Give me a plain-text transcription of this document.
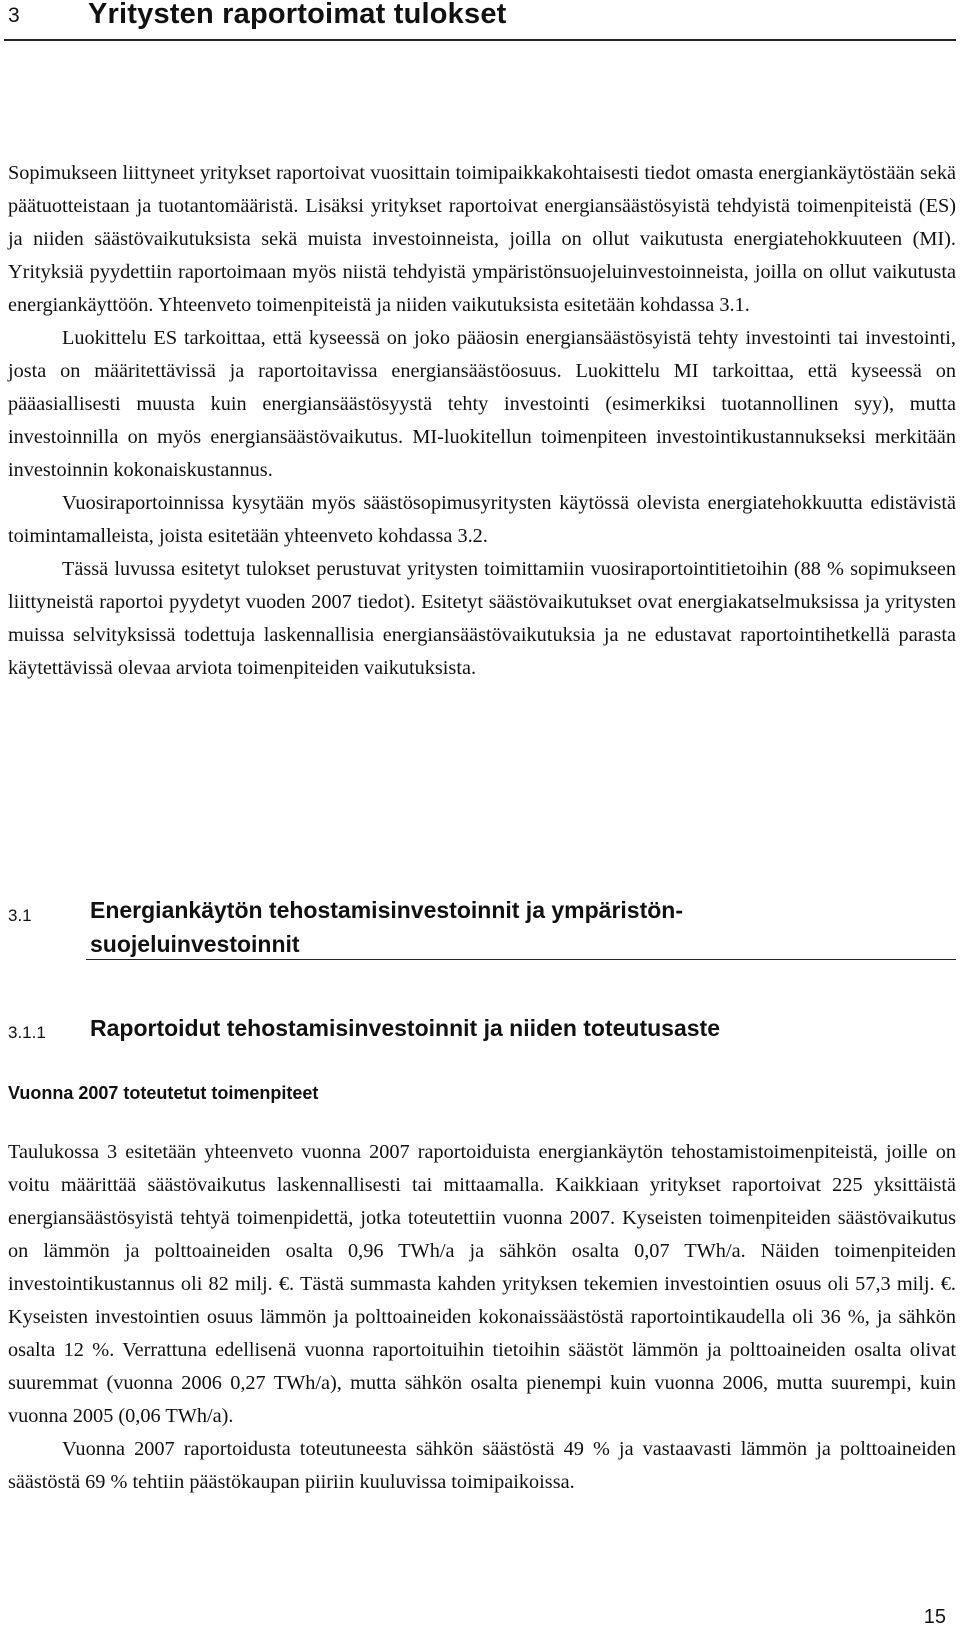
3 Yritysten raportoimat tulokset

Sopimukseen liittyneet yritykset raportoivat vuosittain toimipaikkakohtaisesti tiedot omasta energiankäytöstään sekä päätuotteistaan ja tuotantomääristä. Lisäksi yritykset raportoivat energiansäästösyistä tehdyistä toimenpiteistä (ES) ja niiden säästövaikutuksista sekä muista investoinneista, joilla on ollut vaikutusta energiatehokkuuteen (MI). Yrityksiä pyydettiin raportoimaan myös niistä tehdyistä ympäristönsuojeluinvestoinneista, joilla on ollut vaikutusta energiankäyttöön. Yhteenveto toimenpiteistä ja niiden vaikutuksista esitetään kohdassa 3.1.

Luokittelu ES tarkoittaa, että kyseessä on joko pääosin energiansäästösyistä tehty investointi tai investointi, josta on määritettävissä ja raportoitavissa energiansäästöosuus. Luokittelu MI tarkoittaa, että kyseessä on pääasiallisesti muusta kuin energiansäästösyystä tehty investointi (esimerkiksi tuotannollinen syy), mutta investoinnilla on myös energiansäästövaikutus. MI-luokitellun toimenpiteen investointikustannukseksi merkitään investoinnin kokonaiskustannus.

Vuosiraportoinnissa kysytään myös säästösopimusyritysten käytössä olevista energiatehokkuutta edistävistä toimintamalleista, joista esitetään yhteenveto kohdassa 3.2.

Tässä luvussa esitetyt tulokset perustuvat yritysten toimittamiin vuosiraportointitietoihin (88 % sopimukseen liittyneistä raportoi pyydetyt vuoden 2007 tiedot). Esitetyt säästövaikutukset ovat energiakatselmuksissa ja yritysten muissa selvityksissä todettuja laskennallisia energiansäästövaikutuksia ja ne edustavat raportointihetkellä parasta käytettävissä olevaa arviota toimenpiteiden vaikutuksista.

3.1	Energiankäytön tehostamisinvestoinnit ja ympäristönsuojeluinvestoinnit
3.1.1 Raportoidut tehostamisinvestoinnit ja niiden toteutusaste
Vuonna 2007 toteutetut toimenpiteet

Taulukossa 3 esitetään yhteenveto vuonna 2007 raportoiduista energiankäytön tehostamistoimenpiteistä, joille on voitu määrittää säästövaikutus laskennallisesti tai mittaamalla. Kaikkiaan yritykset raportoivat 225 yksittäistä energiansäästösyistä tehtyä toimenpidettä, jotka toteutettiin vuonna 2007. Kyseisten toimenpiteiden säästövaikutus on lämmön ja polttoaineiden osalta 0,96 TWh/a ja sähkön osalta 0,07 TWh/a. Näiden toimenpiteiden investointikustannus oli 82 milj. €. Tästä summasta kahden yrityksen tekemien investointien osuus oli 57,3 milj. €. Kyseisten investointien osuus lämmön ja polttoaineiden kokonaissäästöstä raportointikaudella oli 36 %, ja sähkön osalta 12 %. Verrattuna edellisenä vuonna raportoituihin tietoihin säästöt lämmön ja polttoaineiden osalta olivat suuremmat (vuonna 2006 0,27 TWh/a), mutta sähkön osalta pienempi kuin vuonna 2006, mutta suurempi, kuin vuonna 2005 (0,06 TWh/a).

Vuonna 2007 raportoidusta toteutuneesta sähkön säästöstä 49 % ja vastaavasti lämmön ja polttoaineiden säästöstä 69 % tehtiin päästökaupan piiriin kuuluvissa toimipaikoissa.

15
